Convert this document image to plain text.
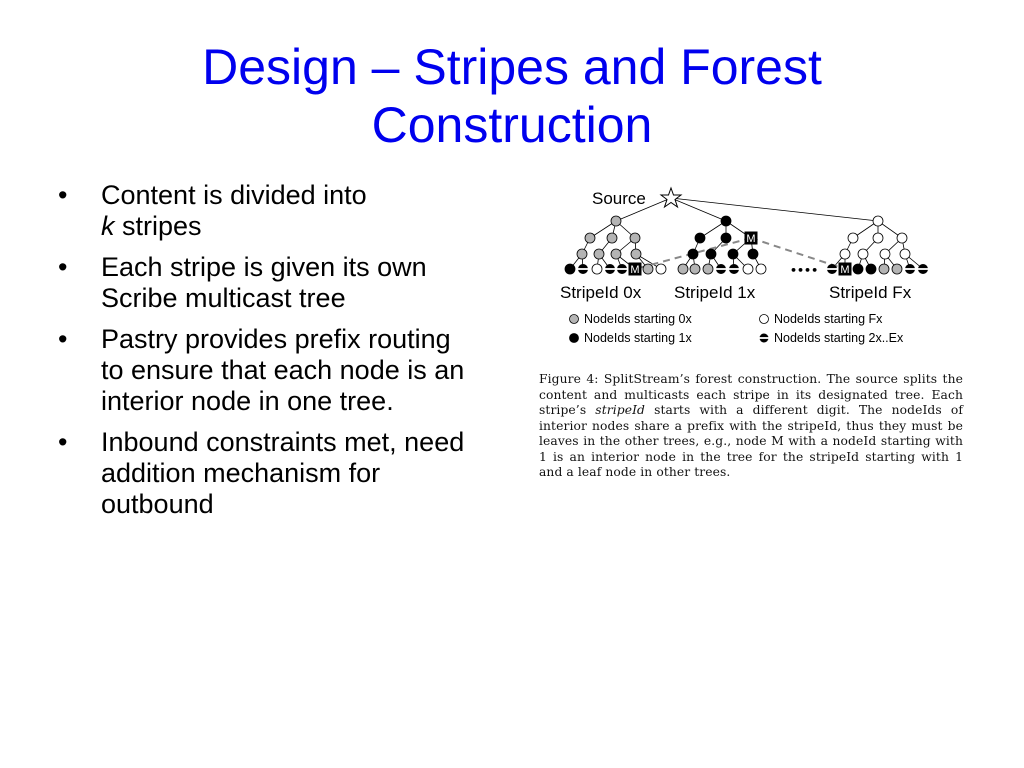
Design – Stripes and Forest
Construction
• Content is divided into
k stripes
• Each stripe is given its own Scribe multicast tree
• Pastry provides prefix routing to ensure that each node is an interior node in one tree.
• Inbound constraints met, need addition mechanism for outbound
M
M
M
Source
••••
StripeId 0x StripeId 1x	StripeId Fx
NodeIds starting 0x	NodeIds starting Fx
NodeIds starting 1x	NodeIds starting 2x..Ex
Figure 4: SplitStream’s forest construction. The source splits the content and multicasts each stripe in its designated tree. Each stripe’s stripeId starts with a different digit. The nodeIds of interior nodes share a prefix with the stripeId, thus they must be leaves in the other trees, e.g., node M with a nodeId starting with 1 is an interior node in the tree for the stripeId starting with 1 and a leaf node in other trees.
